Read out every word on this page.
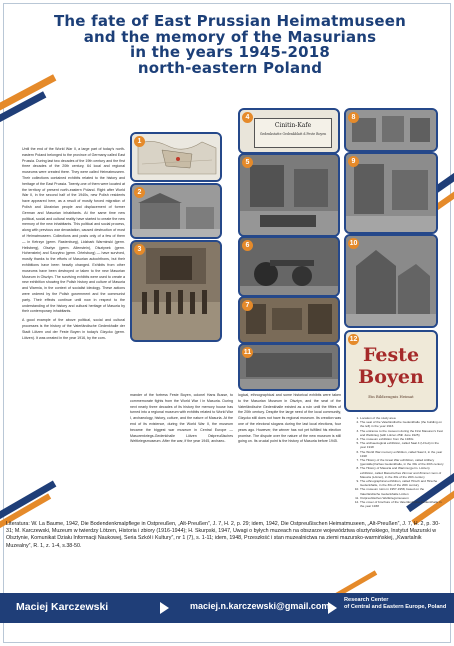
The fate of East Prussian Heimatmuseen
and the memory of the Masurians
in the years 1945-2018
north-eastern Poland

Until the end of the World War II, a large part of today's north-eastern Poland belonged to the province of Germany called East Prussia. During last two decades of the 19th century and the first three decades of the 20th century, 64 local and regional museums were created there. They were called Heimatmuseen. Their collections contained exhibits related to the history and heritage of the East Prussia. Twenty-one of them were located at the territory of present north-eastern Poland. Right after World War II, in the second half of the 1940s, new Polish residents have appeared here, as a result of mostly forced migration of Polish and Ukrainian people and displacement of former German and Masurian inhabitants. At the same time new political, social and cultural reality have started to create the new memory of the new inhabitants. This political and social process, along with previous war devastation, caused destruction of most of Heimatmuseen. Collections and posts only of a few of them — in Ketrzyn (germ. Rastenburg), Lidzbark Warminski (germ. Heilsberg), Olsztyn (germ. Allenstein), Olsztynek (germ. Hohenstein) and Szczytno (germ. Ortelsburg) — have survived, mostly thanks to the efforts of Masurian autochthons, but their exhibitions have been heavily changed. Exhibits from other museums have been destroyed or taken to the new Masurian Museum in Olsztyn. The surviving exhibits were used to create a new exhibition showing the Polish history and culture of Masuria and Warmia, in the context of socialist ideology. These actions were ordered by the Polish government and the communist party. Their effects continue until now in respect to the understanding of the history and cultural heritage of Masuria by their contemporary inhabitants.

A good example of the above political, social and cultural processes is the history of the Vaterländische Gedenkhalle der Stadt Lötzen und der Feste Boyen in today's Gizycko (germ. Lötzen). It was created in the year 1916, by the com-

1
2
3
Cinitin-Kafe
Gedenkstatte Gedenkblatt d.Feste Boyen
4
5
6
7
8
9
10
11	Feste
Boyen
Ein Bildzeugnis Heimat
12

mander of the fortress Feste Boyen, colonel Hans Busse, to commemorate fights from the World War I in Masuria. During next nearly three decades of its history the memory house has turned into a regional museum with exhibits related to World War I, archaeology, history, culture, and the nature of Masuria. At the end of its existence, during the World War II, the museum became the biggest war museum in Central Europe — Masurenkriegs-Gedenkhalle Lötzen Ostpreußisches Weltkriegsmuseum. After the war, if the year 1945, archaeo-

logical, ethnographical and some historical exhibits were taken to the Masurian Museum in Olsztyn, and the seat of the Vaterländische Gedenkhalle existed as a ruin until the fifties of the 20th century. Despite the large need of the local community, Gizycko still does not have its regional museum. Its creation was one of the electoral slogans during the last local elections, four years ago. However, the winner has not yet fulfilled his election promise. The dispute over the nature of the new museum is still going on. Its crucial point is the history of Masuria before 1945.

1. Location of the study area
2. The seat of the Vaterländische Gedenkhalle (the building on the left) in the year 1916
3. The entrance to the museum during the First Masuren's Fest and Weltkrieg (with Lötzen 25th June 1925)
4. The museum exhibition from the 1930s
5. The archaeological exhibition, called Saal 4 (Urzeit) in the year 1918
6. The World War memory exhibition, called Saal 4, in the year 1918
7. The History of the Great War exhibition, called Artillery (gemälde)Vorbau Gedenkhalle, in the 30s of the 20th century
8. The History of Masuria and Warmia (germ. Lötzen) exhibition, called Masurisches Zimmer and Zimmer room of Masuria (Lötzen), in the 30s of the 20th century
9. The ethnographical exhibition, called Hirsch and Hirsche Gedenkhalle, in the 30s of the 20th century
10. The museum ruins in 1957-1958, based on the Vaterländische Gedenkhalle Lötzen
11. Ostpreußisches Weltkriegsmuseum
12. The cover of brochure of the Vaterländische Gedenkhalle in the year 1938
Literatura: W. La Baume, 1942, Die Bodendenkmalpflege in Ostpreußen, „Alt-Preußen”, J. 7, H. 2, p. 29; idem, 1942, Die Ostpreußischen Heimatmuseen, „Alt-Preußen”, J. 7, H. 2, p. 30-31; M. Karczewski, Muzeum w twierdzy Lötzen, Historia i zbiory (1916-1944); H. Skurpski, 1947, Uwagi o byłych muzeach na obszarze województwa olsztyńskiego, Instytut Mazurski w Olsztynie, Komunikat Działu Informacji Naukowej, Seria Szkół i Kultury”, nr 1 (7), s. 1-11; idem, 1948, Przeszłość i stan muzealnictwa na ziemi mazursko-warmińskiej, „Kwartalnik Muzealny”, R. 1, z. 1-4, s.38-50.
Maciej Karczewski	maciej.n.karczewski@gmail.com
Research Center
of Central and Eastern Europe, Poland
